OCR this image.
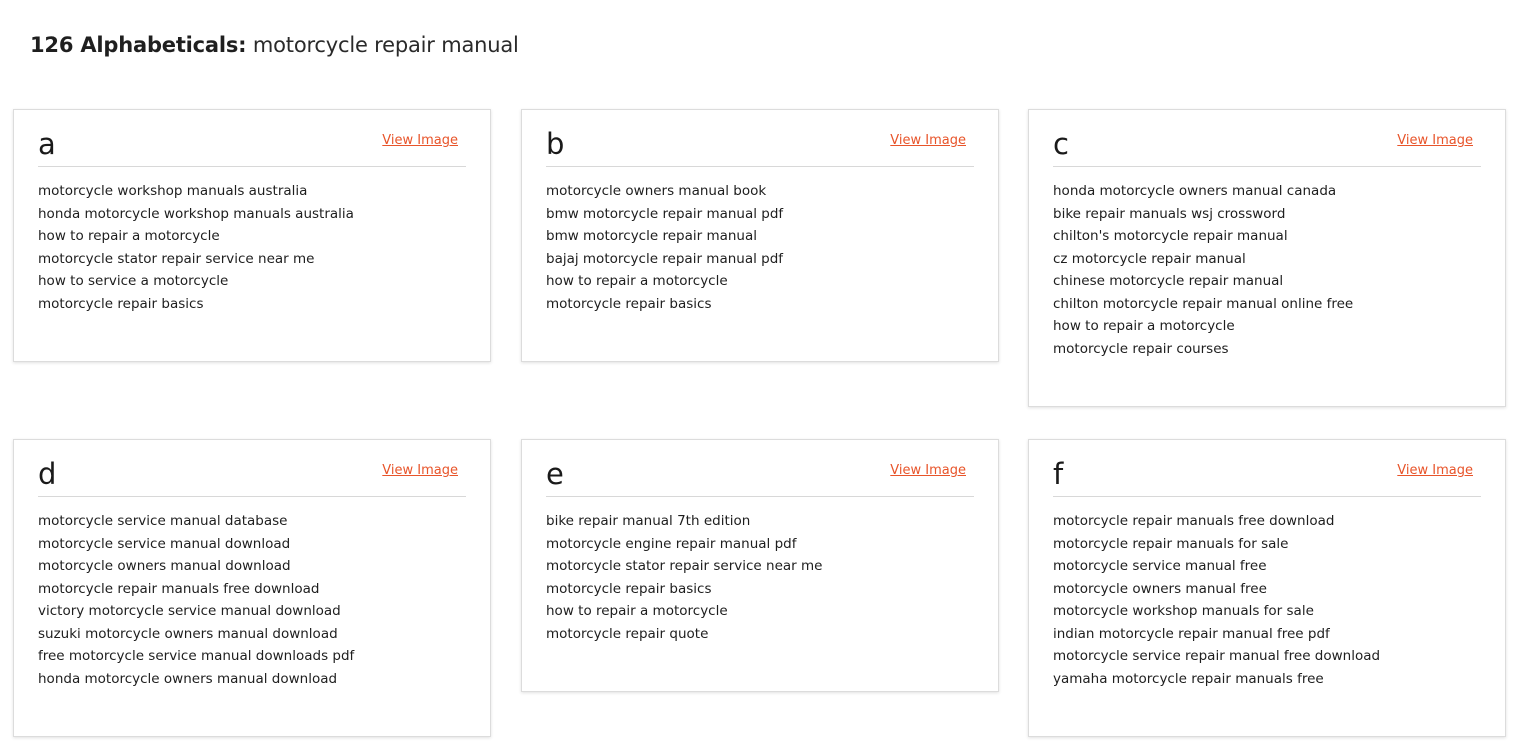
126 Alphabeticals: motorcycle repair manual
a	View Image
motorcycle workshop manuals australia
honda motorcycle workshop manuals australia
how to repair a motorcycle
motorcycle stator repair service near me
how to service a motorcycle
motorcycle repair basics
b	View Image
motorcycle owners manual book
bmw motorcycle repair manual pdf
bmw motorcycle repair manual
bajaj motorcycle repair manual pdf
how to repair a motorcycle
motorcycle repair basics
c	View Image
honda motorcycle owners manual canada
bike repair manuals wsj crossword
chilton's motorcycle repair manual
cz motorcycle repair manual
chinese motorcycle repair manual
chilton motorcycle repair manual online free
how to repair a motorcycle
motorcycle repair courses
d	View Image
motorcycle service manual database
motorcycle service manual download
motorcycle owners manual download
motorcycle repair manuals free download
victory motorcycle service manual download
suzuki motorcycle owners manual download
free motorcycle service manual downloads pdf
honda motorcycle owners manual download
e	View Image
bike repair manual 7th edition
motorcycle engine repair manual pdf
motorcycle stator repair service near me
motorcycle repair basics
how to repair a motorcycle
motorcycle repair quote
f	View Image
motorcycle repair manuals free download
motorcycle repair manuals for sale
motorcycle service manual free
motorcycle owners manual free
motorcycle workshop manuals for sale
indian motorcycle repair manual free pdf
motorcycle service repair manual free download
yamaha motorcycle repair manuals free
